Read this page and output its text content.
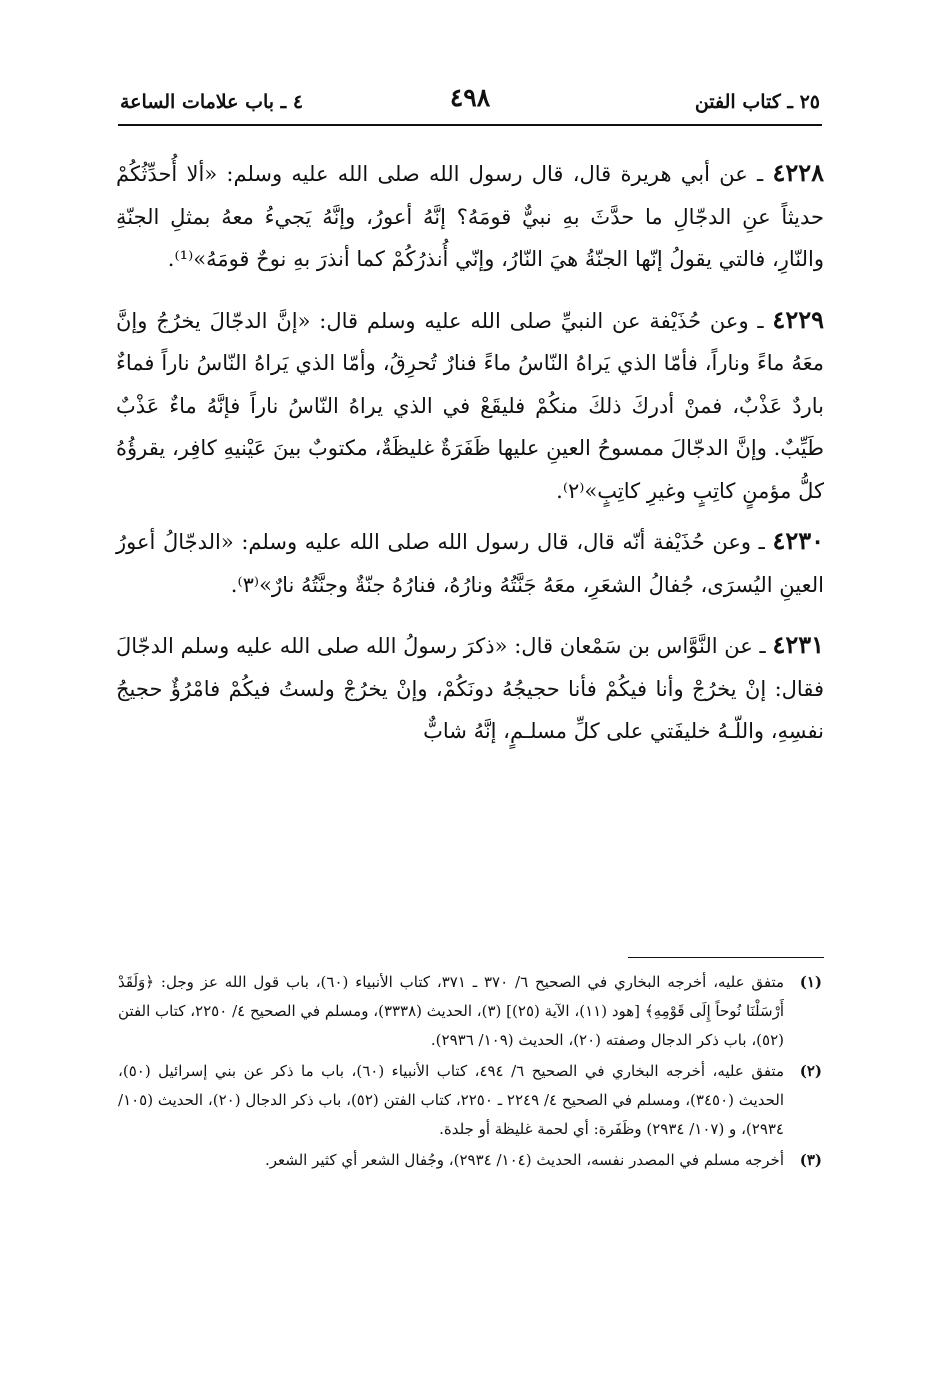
٢٥ ـ كتاب الفتن
٤٩٨
٤ ـ باب علامات الساعة

٤٢٢٨ ـ عن أبي هريرة قال، قال رسول الله صلى الله عليه وسلم: «ألا أُحدِّثُكُمْ حديثاً عنِ الدجّالِ ما حدَّثَ بهِ نبيٌّ قومَهُ؟ إنَّهُ أعورُ، وإنَّهُ يَجيءُ معهُ بمثلِ الجنّةِ والنّارِ، فالتي يقولُ إنّها الجنّةُ هيَ النّارُ، وإنّي أُنذرُكُمْ كما أنذرَ بهِ نوحٌ قومَهُ»⁽¹⁾.

٤٢٢٩ ـ وعن حُذَيْفة عن النبيِّ صلى الله عليه وسلم قال: «إنَّ الدجّالَ يخرُجُ وإنَّ معَهُ ماءً وناراً، فأمّا الذي يَراهُ النّاسُ ماءً فنارٌ تُحرِقُ، وأمّا الذي يَراهُ النّاسُ ناراً فماءٌ باردٌ عَذْبٌ، فمنْ أدركَ ذلكَ منكُمْ فليقَعْ في الذي يراهُ النّاسُ ناراً فإنَّهُ ماءٌ عَذْبٌ طَيِّبٌ. وإنَّ الدجّالَ ممسوحُ العينِ عليها ظَفَرَةٌ غليظَةٌ، مكتوبٌ بينَ عَيْنيهِ كافِر، يقرؤُهُ كلُّ مؤمنٍ كاتِبٍ وغيرِ كاتِبٍ»⁽٢⁾.

٤٢٣٠ ـ وعن حُذَيْفة أنّه قال، قال رسول الله صلى الله عليه وسلم: «الدجّالُ أعورُ العينِ اليُسرَى، جُفالُ الشعَرِ، معَهُ جَنَّتُهُ ونارُهُ، فنارُهُ جنّةٌ وجنَّتُهُ نارٌ»⁽٣⁾.

٤٢٣١ ـ عن النَّوَّاس بن سَمْعان قال: «ذكرَ رسولُ الله صلى الله عليه وسلم الدجّالَ فقال: إنْ يخرُجْ وأنا فيكُمْ فأنا حجيجُهُ دونَكُمْ، وإنْ يخرُجْ ولستُ فيكُمْ فامْرُؤٌ حجيجُ نفسِهِ، واللّـهُ خليفَتي على كلِّ مسلـمٍ، إنَّهُ شابٌّ

(١)
متفق عليه، أخرجه البخاري في الصحيح ٦/ ٣٧٠ ـ ٣٧١، كتاب الأنبياء (٦٠)، باب قول الله عز وجل: ﴿وَلَقَدْ أَرْسَلْنَا نُوحاً إِلَى قَوْمِهِ﴾ [هود (١١)، الآية (٢٥)] (٣)، الحديث (٣٣٣٨)، ومسلم في الصحيح ٤/ ٢٢٥٠، كتاب الفتن (٥٢)، باب ذكر الدجال وصفته (٢٠)، الحديث (١٠٩/ ٢٩٣٦).
(٢)
متفق عليه، أخرجه البخاري في الصحيح ٦/ ٤٩٤، كتاب الأنبياء (٦٠)، باب ما ذكر عن بني إسرائيل (٥٠)، الحديث (٣٤٥٠)، ومسلم في الصحيح ٤/ ٢٢٤٩ ـ ٢٢٥٠، كتاب الفتن (٥٢)، باب ذكر الدجال (٢٠)، الحديث (١٠٥/ ٢٩٣٤)، و (١٠٧/ ٢٩٣٤) وظَفَرة: أي لحمة غليظة أو جلدة.
(٣)
أخرجه مسلم في المصدر نفسه، الحديث (١٠٤/ ٢٩٣٤)، وجُفال الشعر أي كثير الشعر.
